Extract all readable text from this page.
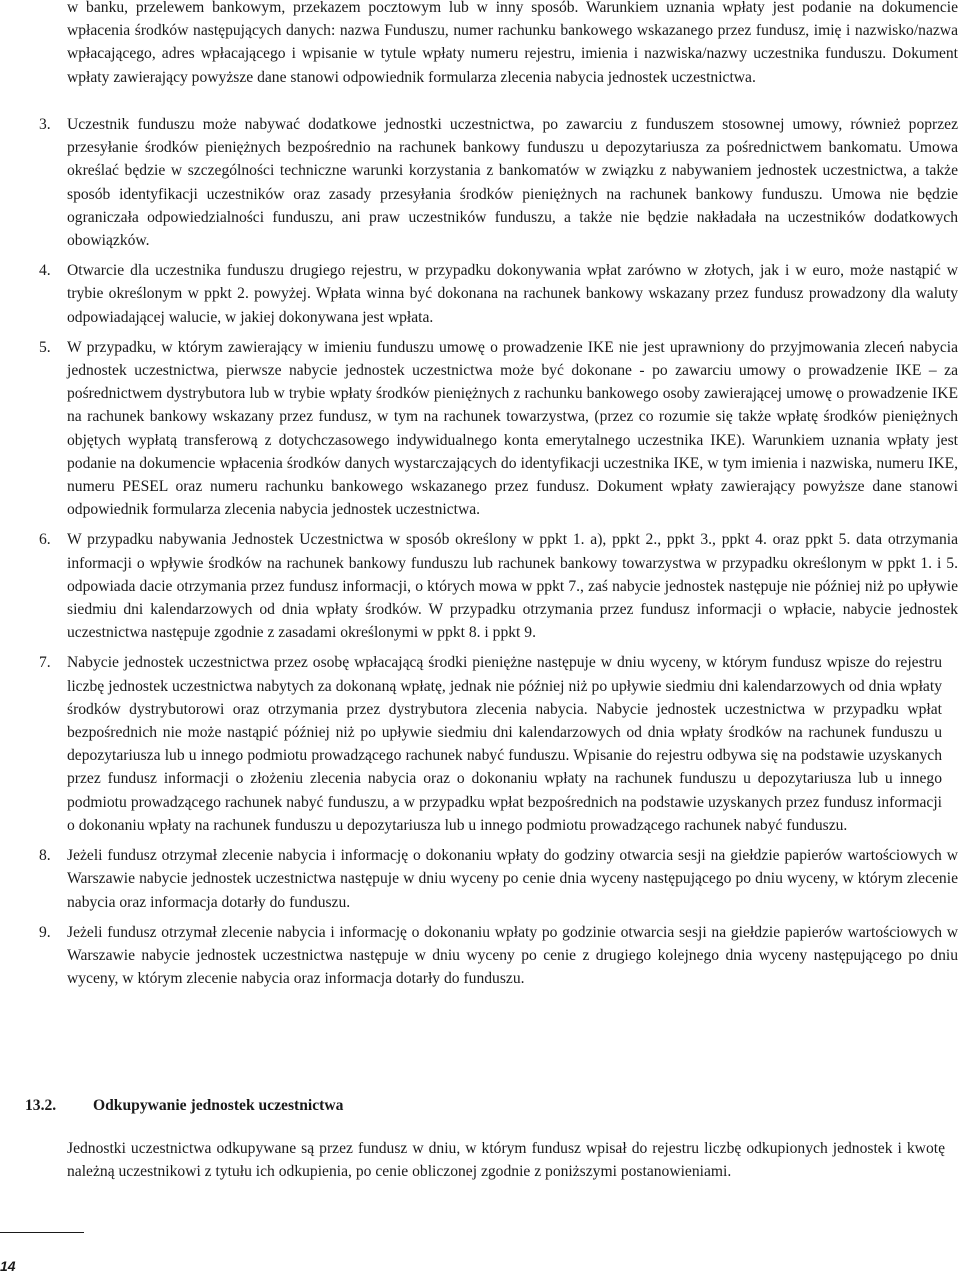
w banku, przelewem bankowym, przekazem pocztowym lub w inny sposób. Warunkiem uznania wpłaty jest podanie na dokumencie wpłacenia środków następujących danych: nazwa Funduszu, numer rachunku bankowego wskazanego przez fundusz, imię i nazwisko/nazwa wpłacającego, adres wpłacającego i wpisanie w tytule wpłaty numeru rejestru, imienia i nazwiska/nazwy uczestnika funduszu. Dokument wpłaty zawierający powyższe dane stanowi odpowiednik formularza zlecenia nabycia jednostek uczestnictwa.

3. Uczestnik funduszu może nabywać dodatkowe jednostki uczestnictwa, po zawarciu z funduszem stosownej umowy, również poprzez przesyłanie środków pieniężnych bezpośrednio na rachunek bankowy funduszu u depozytariusza za pośrednictwem bankomatu. Umowa określać będzie w szczególności techniczne warunki korzystania z bankomatów w związku z nabywaniem jednostek uczestnictwa, a także sposób identyfikacji uczestników oraz zasady przesyłania środków pieniężnych na rachunek bankowy funduszu. Umowa nie będzie ograniczała odpowiedzialności funduszu, ani praw uczestników funduszu, a także nie będzie nakładała na uczestników dodatkowych obowiązków.
4. Otwarcie dla uczestnika funduszu drugiego rejestru, w przypadku dokonywania wpłat zarówno w złotych, jak i w euro, może nastąpić w trybie określonym w ppkt 2. powyżej. Wpłata winna być dokonana na rachunek bankowy wskazany przez fundusz prowadzony dla waluty odpowiadającej walucie, w jakiej dokonywana jest wpłata.
5. W przypadku, w którym zawierający w imieniu funduszu umowę o prowadzenie IKE nie jest uprawniony do przyjmowania zleceń nabycia jednostek uczestnictwa, pierwsze nabycie jednostek uczestnictwa może być dokonane - po zawarciu umowy o prowadzenie IKE – za pośrednictwem dystrybutora lub w trybie wpłaty środków pieniężnych z rachunku bankowego osoby zawierającej umowę o prowadzenie IKE na rachunek bankowy wskazany przez fundusz, w tym na rachunek towarzystwa, (przez co rozumie się także wpłatę środków pieniężnych objętych wypłatą transferową z dotychczasowego indywidualnego konta emerytalnego uczestnika IKE). Warunkiem uznania wpłaty jest podanie na dokumencie wpłacenia środków danych wystarczających do identyfikacji uczestnika IKE, w tym imienia i nazwiska, numeru IKE, numeru PESEL oraz numeru rachunku bankowego wskazanego przez fundusz. Dokument wpłaty zawierający powyższe dane stanowi odpowiednik formularza zlecenia nabycia jednostek uczestnictwa.
6. W przypadku nabywania Jednostek Uczestnictwa w sposób określony w ppkt 1. a), ppkt 2., ppkt 3., ppkt 4. oraz ppkt 5. data otrzymania informacji o wpływie środków na rachunek bankowy funduszu lub rachunek bankowy towarzystwa w przypadku określonym w ppkt 1. i 5. odpowiada dacie otrzymania przez fundusz informacji, o których mowa w ppkt 7., zaś nabycie jednostek następuje nie później niż po upływie siedmiu dni kalendarzowych od dnia wpłaty środków. W przypadku otrzymania przez fundusz informacji o wpłacie, nabycie jednostek uczestnictwa następuje zgodnie z zasadami określonymi w ppkt 8. i ppkt 9.
7. Nabycie jednostek uczestnictwa przez osobę wpłacającą środki pieniężne następuje w dniu wyceny, w którym fundusz wpisze do rejestru liczbę jednostek uczestnictwa nabytych za dokonaną wpłatę, jednak nie później niż po upływie siedmiu dni kalendarzowych od dnia wpłaty środków dystrybutorowi oraz otrzymania przez dystrybutora zlecenia nabycia. Nabycie jednostek uczestnictwa w przypadku wpłat bezpośrednich nie może nastąpić później niż po upływie siedmiu dni kalendarzowych od dnia wpłaty środków na rachunek funduszu u depozytariusza lub u innego podmiotu prowadzącego rachunek nabyć funduszu. Wpisanie do rejestru odbywa się na podstawie uzyskanych przez fundusz informacji o złożeniu zlecenia nabycia oraz o dokonaniu wpłaty na rachunek funduszu u depozytariusza lub u innego podmiotu prowadzącego rachunek nabyć funduszu, a w przypadku wpłat bezpośrednich na podstawie uzyskanych przez fundusz informacji o dokonaniu wpłaty na rachunek funduszu u depozytariusza lub u innego podmiotu prowadzącego rachunek nabyć funduszu.
8. Jeżeli fundusz otrzymał zlecenie nabycia i informację o dokonaniu wpłaty do godziny otwarcia sesji na giełdzie papierów wartościowych w Warszawie nabycie jednostek uczestnictwa następuje w dniu wyceny po cenie dnia wyceny następującego po dniu wyceny, w którym zlecenie nabycia oraz informacja dotarły do funduszu.
9. Jeżeli fundusz otrzymał zlecenie nabycia i informację o dokonaniu wpłaty po godzinie otwarcia sesji na giełdzie papierów wartościowych w Warszawie nabycie jednostek uczestnictwa następuje w dniu wyceny po cenie z drugiego kolejnego dnia wyceny następującego po dniu wyceny, w którym zlecenie nabycia oraz informacja dotarły do funduszu.
13.2. Odkupywanie jednostek uczestnictwa

Jednostki uczestnictwa odkupywane są przez fundusz w dniu, w którym fundusz wpisał do rejestru liczbę odkupionych jednostek i kwotę należną uczestnikowi z tytułu ich odkupienia, po cenie obliczonej zgodnie z poniższymi postanowieniami.

14
